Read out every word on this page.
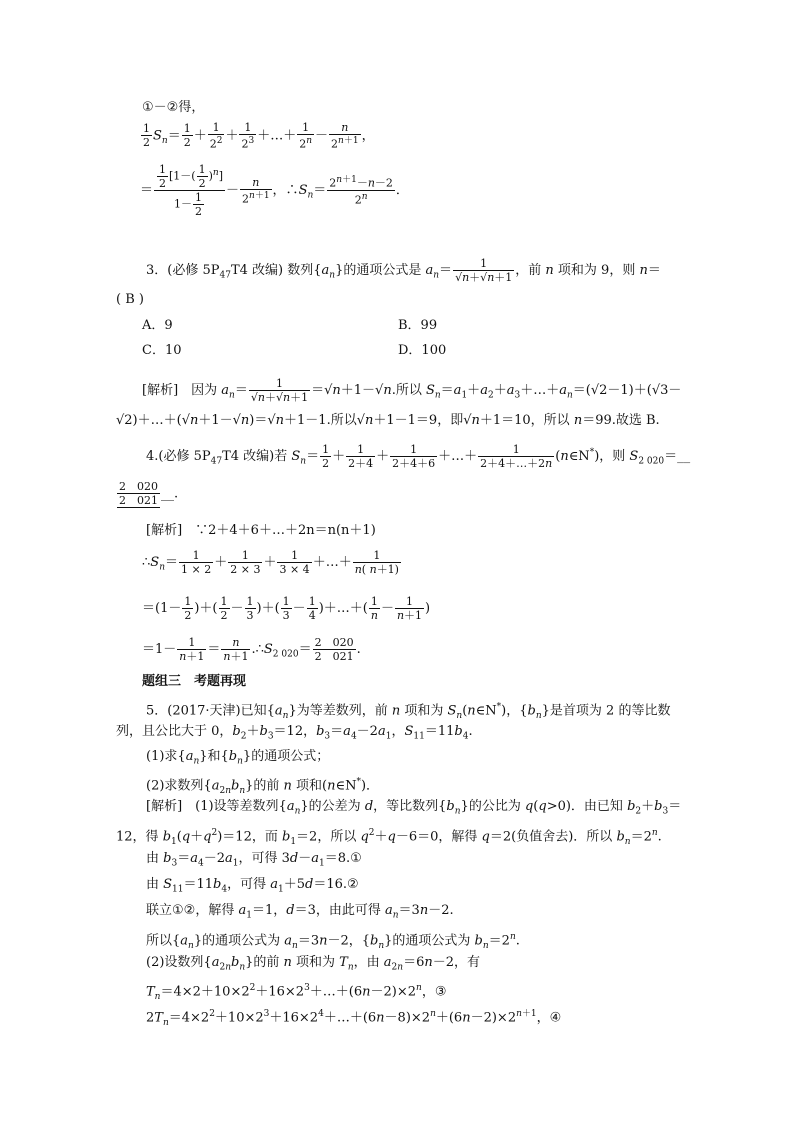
①－②得，
$\frac{1}{2} S_n= \frac{1}{2} + \frac{1}{2^2} + \frac{1}{2^3}$ ＋…＋ $\frac{1}{2^n} - \frac{n}{2^{n+1}}$ ，
＝ $\frac{\frac{1}{2} [1-( \frac{1}{2} )^n]}{1- \frac{1}{2}} - \frac{n}{2^{n+1}}$ ，$\therefore S_n= \frac{2^{n+1}-n-2}{2^n}$ ．
3．(必修 $5P_{47}T4$ 改编) 数列$\{a_n\}$的通项公式是 $a_n= \frac{1}{√n+√n+1}$ ，前 n 项和为 9，则 n＝
( B )
A．9	B．99
C．10	D．100
[解析]　因为 $a_n= \frac{1}{√n+√n+1} =√n+1-√n$.所以 $S_n=a_1+a_2+a_3+\dots+a_n=(√2-1)+(√3-$
√2)＋…＋(√n＋1－√n)＝√n＋1－1.所以√n＋1－1＝9，即√n＋1＝10，所以 n＝99.故选 B.
4.(必修 $5P_{47}T4$ 改编)若 $S_n= \frac{1}{2} + \frac{1}{2+4} + \frac{1}{2+4+6}$ ＋…＋ $\frac{1}{2+4+\dots+2n}$ (n∈N*)，则 $S_{2 020}=\_\_$
$\frac{2 020}{2 021}$ __.
[解析]　∵2＋4＋6＋…＋2n＝n(n＋1)
$\therefore S_n= \frac{1}{1 \times 2} + \frac{1}{2 \times 3} + \frac{1}{3 \times 4}$ ＋…＋ $\frac{1}{n( n+1)}$
$=(1- \frac{1}{2}$ )＋( $\frac{1}{2} - \frac{1}{3}$ )＋( $\frac{1}{3} - \frac{1}{4}$ )＋…＋( $\frac{1}{n} - \frac{1}{n+1}$ )
$=1- \frac{1}{n+1} = \frac{n}{n+1}$ $.\therefore S_{2 020}= \frac{2 020}{2 021}$ .
题组三　考题再现
5．(2017·天津)已知$\{a_n\}$为等差数列，前 n 项和为 $S_n(n\in N^*)$，$\{b_n\}$是首项为 2 的等比数
列，且公比大于 0，$b_2+b_3=12$，$b_3=a_4-2a_1$，$S_{11}=11b_4$.
(1)求$\{a_n\}$和$\{b_n\}$的通项公式；
(2)求数列$\{a_{2n}b_n\}$的前 n 项和(n∈N*)．
[解析]　(1)设等差数列$\{a_n\}$的公差为 d，等比数列$\{b_n\}$的公比为 q(q>0)．由已知 $b_2+b_3=$
12，得 $b_1(q+q^2)=12$，而 $b_1=2$，所以 $q^2+q-6=0$，解得 q＝2(负值舍去)．所以 $b_n=2^n$.
由 $b_3=a_4-2a_1$，可得 $3d-a_1=8.①$
由 $S_{11}=11b_4$，可得 $a_1+5d=16.②$
联立①②，解得 $a_1=1$，d＝3，由此可得 $a_n=3n-2$.
所以$\{a_n\}$的通项公式为 $a_n=3n-2$，$\{b_n\}$的通项公式为 $b_n=2^n$.
(2)设数列$\{a_{2n}b_n\}$的前 n 项和为 $T_n$，由 $a_{2n}=6n-2$，有
$T_n=4\times 2+10\times 2^2+16\times 2^3+\dots+(6n-2)\times 2^n$，③
$2T_n=4\times 2^2+10\times 2^3+16\times 2^4+\dots+(6n-8)\times 2^n+(6n-2)\times 2^{n+1}$，④
